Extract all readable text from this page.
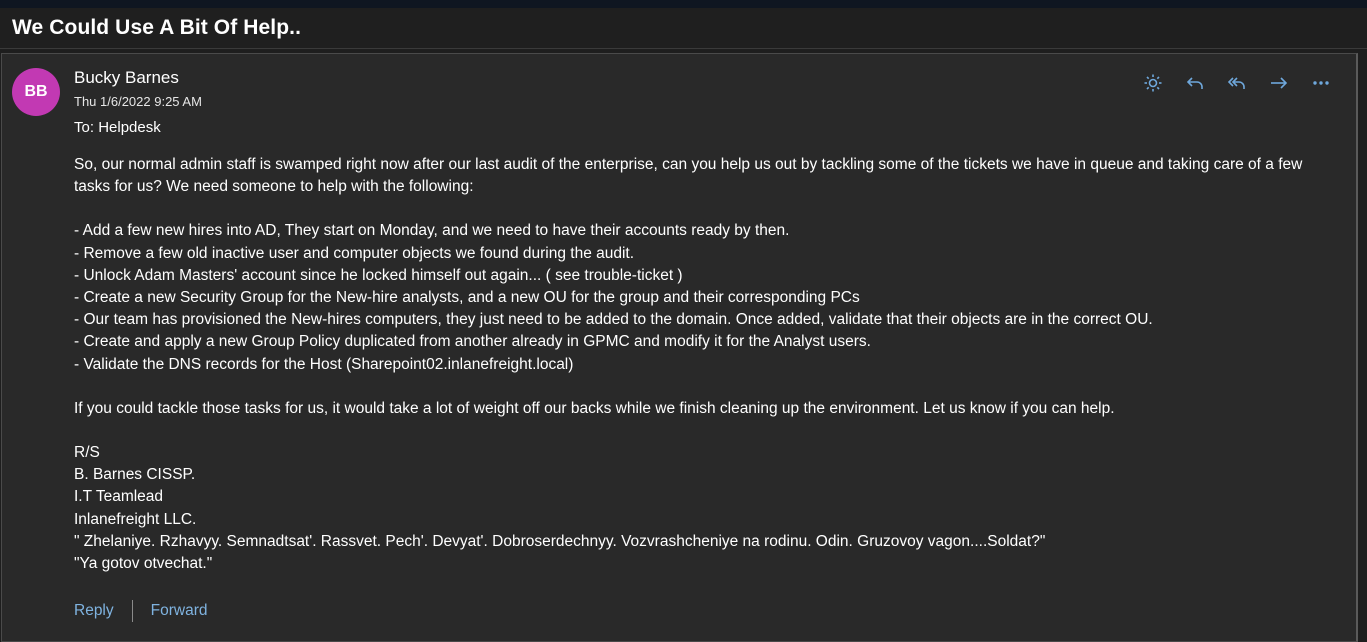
We Could Use A Bit Of Help..
BB
Bucky Barnes
Thu 1/6/2022 9:25 AM
To: Helpdesk

So, our normal admin staff is swamped right now after our last audit of the enterprise, can you help us out by tackling some of the tickets we have in queue and taking care of a few tasks for us? We need someone to help with the following:

- Add a few new hires into AD, They start on Monday, and we need to have their accounts ready by then.

- Remove a few old inactive user and computer objects we found during the audit.

- Unlock Adam Masters' account since he locked himself out again... ( see trouble-ticket )

- Create a new Security Group for the New-hire analysts, and a new OU for the group and their corresponding PCs

- Our team has provisioned the New-hires computers, they just need to be added to the domain. Once added, validate that their objects are in the correct OU.

- Create and apply a new Group Policy duplicated from another already in GPMC and modify it for the Analyst users.

- Validate the DNS records for the Host (Sharepoint02.inlanefreight.local)

If you could tackle those tasks for us, it would take a lot of weight off our backs while we finish cleaning up the environment. Let us know if you can help.

R/S

B. Barnes CISSP.

I.T Teamlead

Inlanefreight LLC.

" Zhelaniye. Rzhavyy. Semnadtsat'. Rassvet. Pech'. Devyat'. Dobroserdechnyy. Vozvrashcheniye na rodinu. Odin. Gruzovoy vagon....Soldat?"

"Ya gotov otvechat."

Reply Forward
